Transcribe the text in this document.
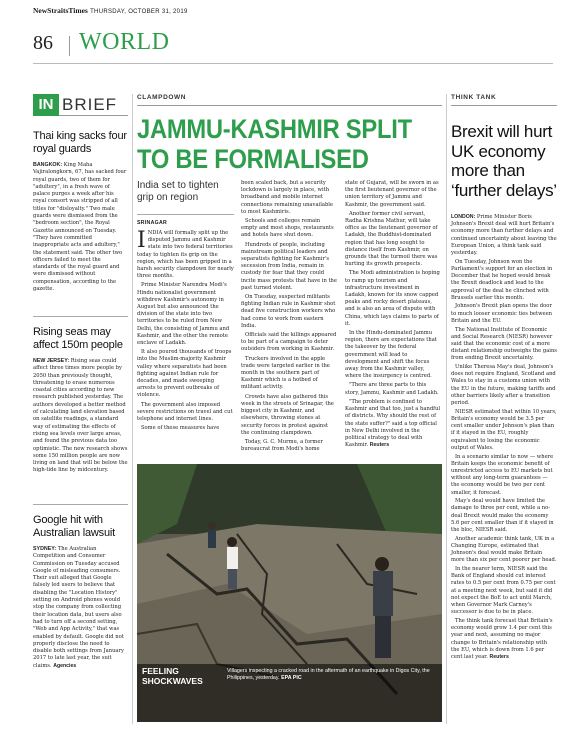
NewStraitsTimes THURSDAY, OCTOBER 31, 2019
86 WORLD
IN BRIEF
Thai king sacks four royal guards

BANGKOK: King Maha Vajiralongkorn, 67, has sacked four royal guards, two of them for "adultery", in a fresh wave of palace purges a week after his royal consort was stripped of all titles for "disloyalty." Two male guards were dismissed from the "bedroom section", the Royal Gazette announced on Tuesday. "They have committed inappropriate acts and adultery," the statement said. The other two officers failed to meet the standards of the royal guard and were dismissed without compensation, according to the gazette.

Rising seas may affect 150m people

NEW JERSEY: Rising seas could affect three times more people by 2050 than previously thought, threatening to erase numerous coastal cities according to new research published yesterday. The authors developed a better method of calculating land elevation based on satellite readings, a standard way of estimating the effects of rising sea levels over large areas, and found the previous data too optimistic. The new research shows some 150 million people are now living on land that will be below the high-tide line by midcentury.

Google hit with Australian lawsuit

SYDNEY: The Australian Competition and Consumer Commission on Tuesday accused Google of misleading consumers. Their suit alleged that Google falsely led users to believe that disabling the "Location History" setting on Android phones would stop the company from collecting their location data, but users also had to turn off a second setting, "Web and App Activity," that was enabled by default. Google did not properly disclose the need to disable both settings from January 2017 to late last year, the suit claims. Agencies

CLAMPDOWN
JAMMU-KASHMIR SPLIT
TO BE FORMALISED
India set to tighten grip on region
SRINAGAR

INDIA will formally split up the disputed Jammu and Kashmir state into two federal territories today to tighten its grip on the region, which has been gripped in a harsh security clampdown for nearly three months.

Prime Minister Narendra Modi's Hindu nationalist government withdrew Kashmir's autonomy in August but also announced the division of the state into two territories to be ruled from New Delhi, the consisting of Jammu and Kashmir, and the other the remote enclave of Ladakh.

It also poured thousands of troops into the Muslim-majority Kashmir valley where separatists had been fighting against Indian rule for decades, and made sweeping arrests to prevent outbreaks of violence.

The government also imposed severe restrictions on travel and cut telephone and internet lines.

Some of these measures have

been scaled back, but a security lockdown is largely in place, with broadband and mobile internet connections remaining unavailable to most Kashmiris.

Schools and colleges remain empty and most shops, restaurants and hotels have shut down.

Hundreds of people, including mainstream political leaders and separatists fighting for Kashmir's secession from India, remain in custody for fear that they could incite mass protests that have in the past turned violent.

On Tuesday, suspected militants fighting Indian rule in Kashmir shot dead five construction workers who had come to work from eastern India.

Officials said the killings appeared to be part of a campaign to deter outsiders from working in Kashmir.

Truckers involved in the apple trade were targeted earlier in the month in the southern part of Kashmir which is a hotbed of militant activity.

Crowds have also gathered this week in the streets of Srinagar, the biggest city in Kashmir, and elsewhere, throwing stones at security forces in protest against the continuing clampdown.

Today, G. C. Murmu, a former bureaucrat from Modi's home

state of Gujarat, will be sworn in as the first lieutenant governor of the union territory of Jammu and Kashmir, the government said.

Another former civil servant, Radha Krishna Mathur, will take office as the lieutenant governor of Ladakh, the Buddhist-dominated region that has long sought to distance itself from Kashmir, on grounds that the turmoil there was hurting its growth prospects.

The Modi administration is hoping to ramp up tourism and infrastructure investment in Ladakh, known for its snow capped peaks and rocky desert plateaus, and is also an area of dispute with China, which lays claims to parts of it.

In the Hindu-dominated Jammu region, there are expectations that the takeover by the federal government will lead to development and shift the focus away from the Kashmir valley, where the insurgency is centred.

"There are three parts to this story, Jammu, Kashmir and Ladakh.

"The problem is confined to Kashmir and that too, just a handful of districts. Why should the rest of the state suffer?" said a top official in New Delhi involved in the political strategy to deal with Kashmir. Reuters

FEELING
SHOCKWAVES
Villagers inspecting a cracked road in the aftermath of an earthquake in Digos City, the Philippines, yesterday. EPA PIC
THINK TANK
Brexit will hurt UK economy more than ‘further delays’

LONDON: Prime Minister Boris Johnson's Brexit deal will hurt Britain's economy more than further delays and continued uncertainty about leaving the European Union, a think tank said yesterday.

On Tuesday, Johnson won the Parliament's support for an election in December that he hoped would break the Brexit deadlock and lead to the approval of the deal he clinched with Brussels earlier this month.

Johnson's Brexit plan opens the door to much looser economic ties between Britain and the EU.

The National Institute of Economic and Social Research (NIESR) however said that the economic cost of a more distant relationship outweighs the gains from ending Brexit uncertainty.

Unlike Theresa May's deal, Johnson's does not require England, Scotland and Wales to stay in a customs union with the EU in the future, making tariffs and other barriers likely after a transition period.

NIESR estimated that within 10 years, Britain's economy would be 3.5 per cent smaller under Johnson's plan than if it stayed in the EU, roughly equivalent to losing the economic output of Wales.

In a scenario similar to now — where Britain keeps the economic benefit of unrestricted access to EU markets but without any long-term guarantees — the economy would be two per cent smaller, it forecast.

May's deal would have limited the damage to three per cent, while a no-deal Brexit would make the economy 5.6 per cent smaller than if it stayed in the bloc, NIESR said.

Another academic think tank, UK in a Changing Europe, estimated that Johnson's deal would make Britain more than six per cent poorer per head.

In the nearer term, NIESR said the Bank of England should cut interest rates to 0.5 per cent from 0.75 per cent at a meeting next week, but said it did not expect the BoE to act until March, when Governor Mark Carney's successor is due to be in place.

The think tank forecast that Britain's economy would grow 1.4 per cent this year and next, assuming no major change to Britain's relationship with the EU, which is down from 1.6 per cent last year. Reuters
